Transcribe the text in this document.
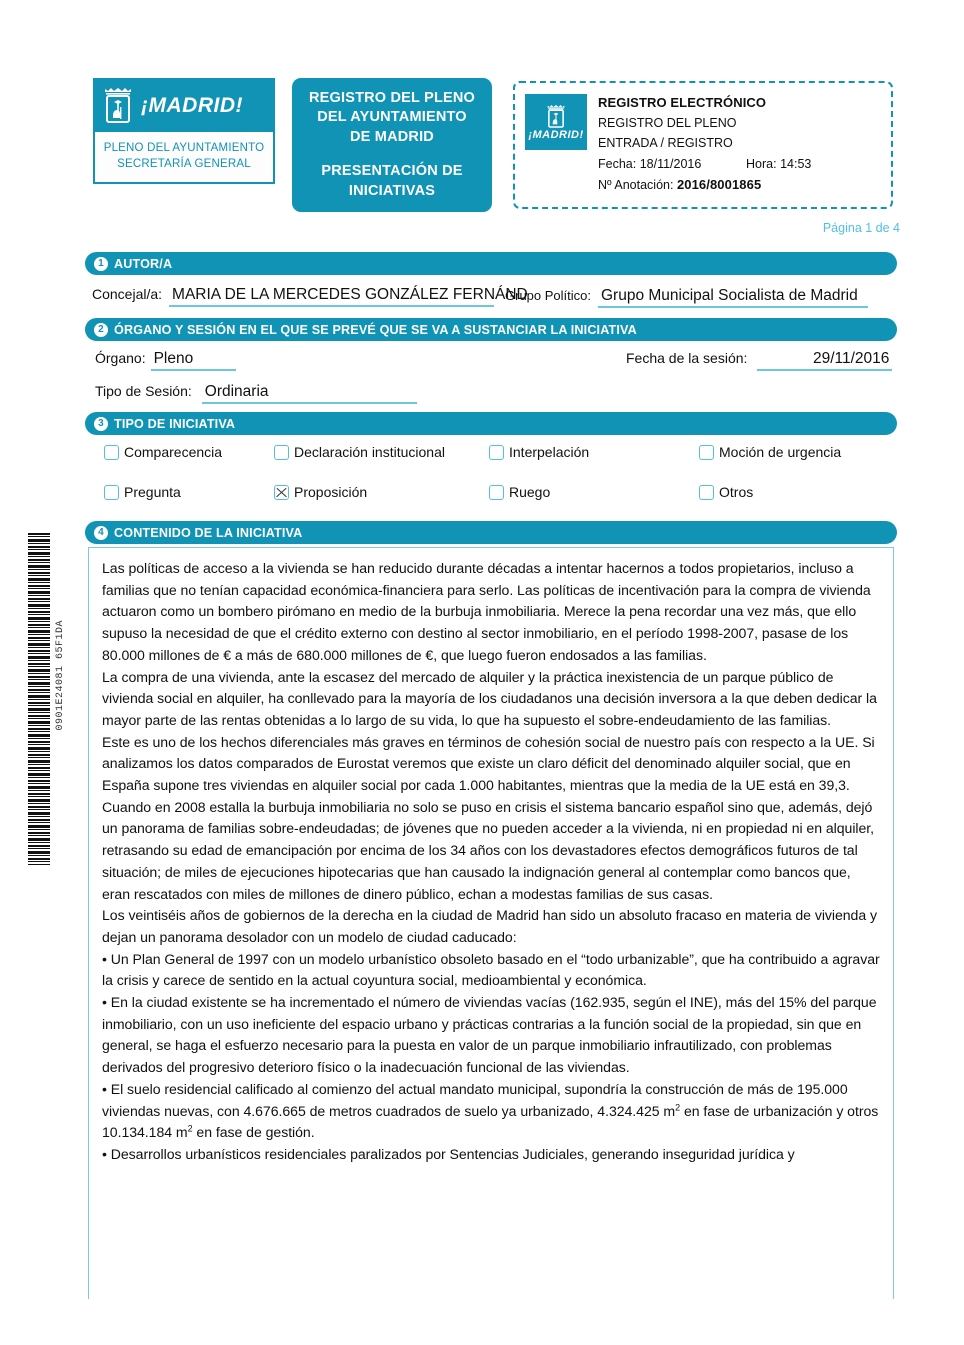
0901E24081 65F1DA
¡MADRID!
PLENO DEL AYUNTAMIENTO
SECRETARÍA GENERAL
REGISTRO DEL PLENO
DEL AYUNTAMIENTO
DE MADRID
PRESENTACIÓN DE
INICIATIVAS
¡MADRID!
REGISTRO ELECTRÓNICO
REGISTRO DEL PLENO
ENTRADA / REGISTRO
Fecha: 18/11/2016	Hora: 14:53
Nº Anotación: 2016/8001865
Página 1 de 4
1 AUTOR/A
Concejal/a: MARIA DE LA MERCEDES GONZÁLEZ FERNÁND
Grupo Político: Grupo Municipal Socialista de Madrid
2 ÓRGANO Y SESIÓN EN EL QUE SE PREVÉ QUE SE VA A SUSTANCIAR LA INICIATIVA
Órgano: Pleno	Fecha de la sesión:	29/11/2016
Tipo de Sesión: Ordinaria
3 TIPO DE INICIATIVA
Comparecencia	Declaración institucional	Interpelación	Moción de urgencia
Pregunta	Proposición	Ruego	Otros
4 CONTENIDO DE LA INICIATIVA

Las políticas de acceso a la vivienda se han reducido durante décadas a intentar hacernos a todos propietarios, incluso a familias que no tenían capacidad económica-financiera para serlo. Las políticas de incentivación para la compra de vivienda actuaron como un bombero pirómano en medio de la burbuja inmobiliaria. Merece la pena recordar una vez más, que ello supuso la necesidad de que el crédito externo con destino al sector inmobiliario, en el período 1998-2007, pasase de los 80.000 millones de € a más de 680.000 millones de €, que luego fueron endosados a las familias.

La compra de una vivienda, ante la escasez del mercado de alquiler y la práctica inexistencia de un parque público de vivienda social en alquiler, ha conllevado para la mayoría de los ciudadanos una decisión inversora a la que deben dedicar la mayor parte de las rentas obtenidas a lo largo de su vida, lo que ha supuesto el sobre-endeudamiento de las familias.

Este es uno de los hechos diferenciales más graves en términos de cohesión social de nuestro país con respecto a la UE. Si analizamos los datos comparados de Eurostat veremos que existe un claro déficit del denominado alquiler social, que en España supone tres viviendas en alquiler social por cada 1.000 habitantes, mientras que la media de la UE está en 39,3.

Cuando en 2008 estalla la burbuja inmobiliaria no solo se puso en crisis el sistema bancario español sino que, además, dejó un panorama de familias sobre-endeudadas; de jóvenes que no pueden acceder a la vivienda, ni en propiedad ni en alquiler, retrasando su edad de emancipación por encima de los 34 años con los devastadores efectos demográficos futuros de tal situación; de miles de ejecuciones hipotecarias que han causado la indignación general al contemplar como bancos que, eran rescatados con miles de millones de dinero público, echan a modestas familias de sus casas.

Los veintiséis años de gobiernos de la derecha en la ciudad de Madrid han sido un absoluto fracaso en materia de vivienda y dejan un panorama desolador con un modelo de ciudad caducado:

• Un Plan General de 1997 con un modelo urbanístico obsoleto basado en el “todo urbanizable”, que ha contribuido a agravar la crisis y carece de sentido en la actual coyuntura social, medioambiental y económica.

• En la ciudad existente se ha incrementado el número de viviendas vacías (162.935, según el INE), más del 15% del parque inmobiliario, con un uso ineficiente del espacio urbano y prácticas contrarias a la función social de la propiedad, sin que en general, se haga el esfuerzo necesario para la puesta en valor de un parque inmobiliario infrautilizado, con problemas derivados del progresivo deterioro físico o la inadecuación funcional de las viviendas.

• El suelo residencial calificado al comienzo del actual mandato municipal, supondría la construcción de más de 195.000 viviendas nuevas, con 4.676.665 de metros cuadrados de suelo ya urbanizado, 4.324.425 $m^2$ en fase de urbanización y otros 10.134.184 $m^2$ en fase de gestión.

• Desarrollos urbanísticos residenciales paralizados por Sentencias Judiciales, generando inseguridad jurídica y
